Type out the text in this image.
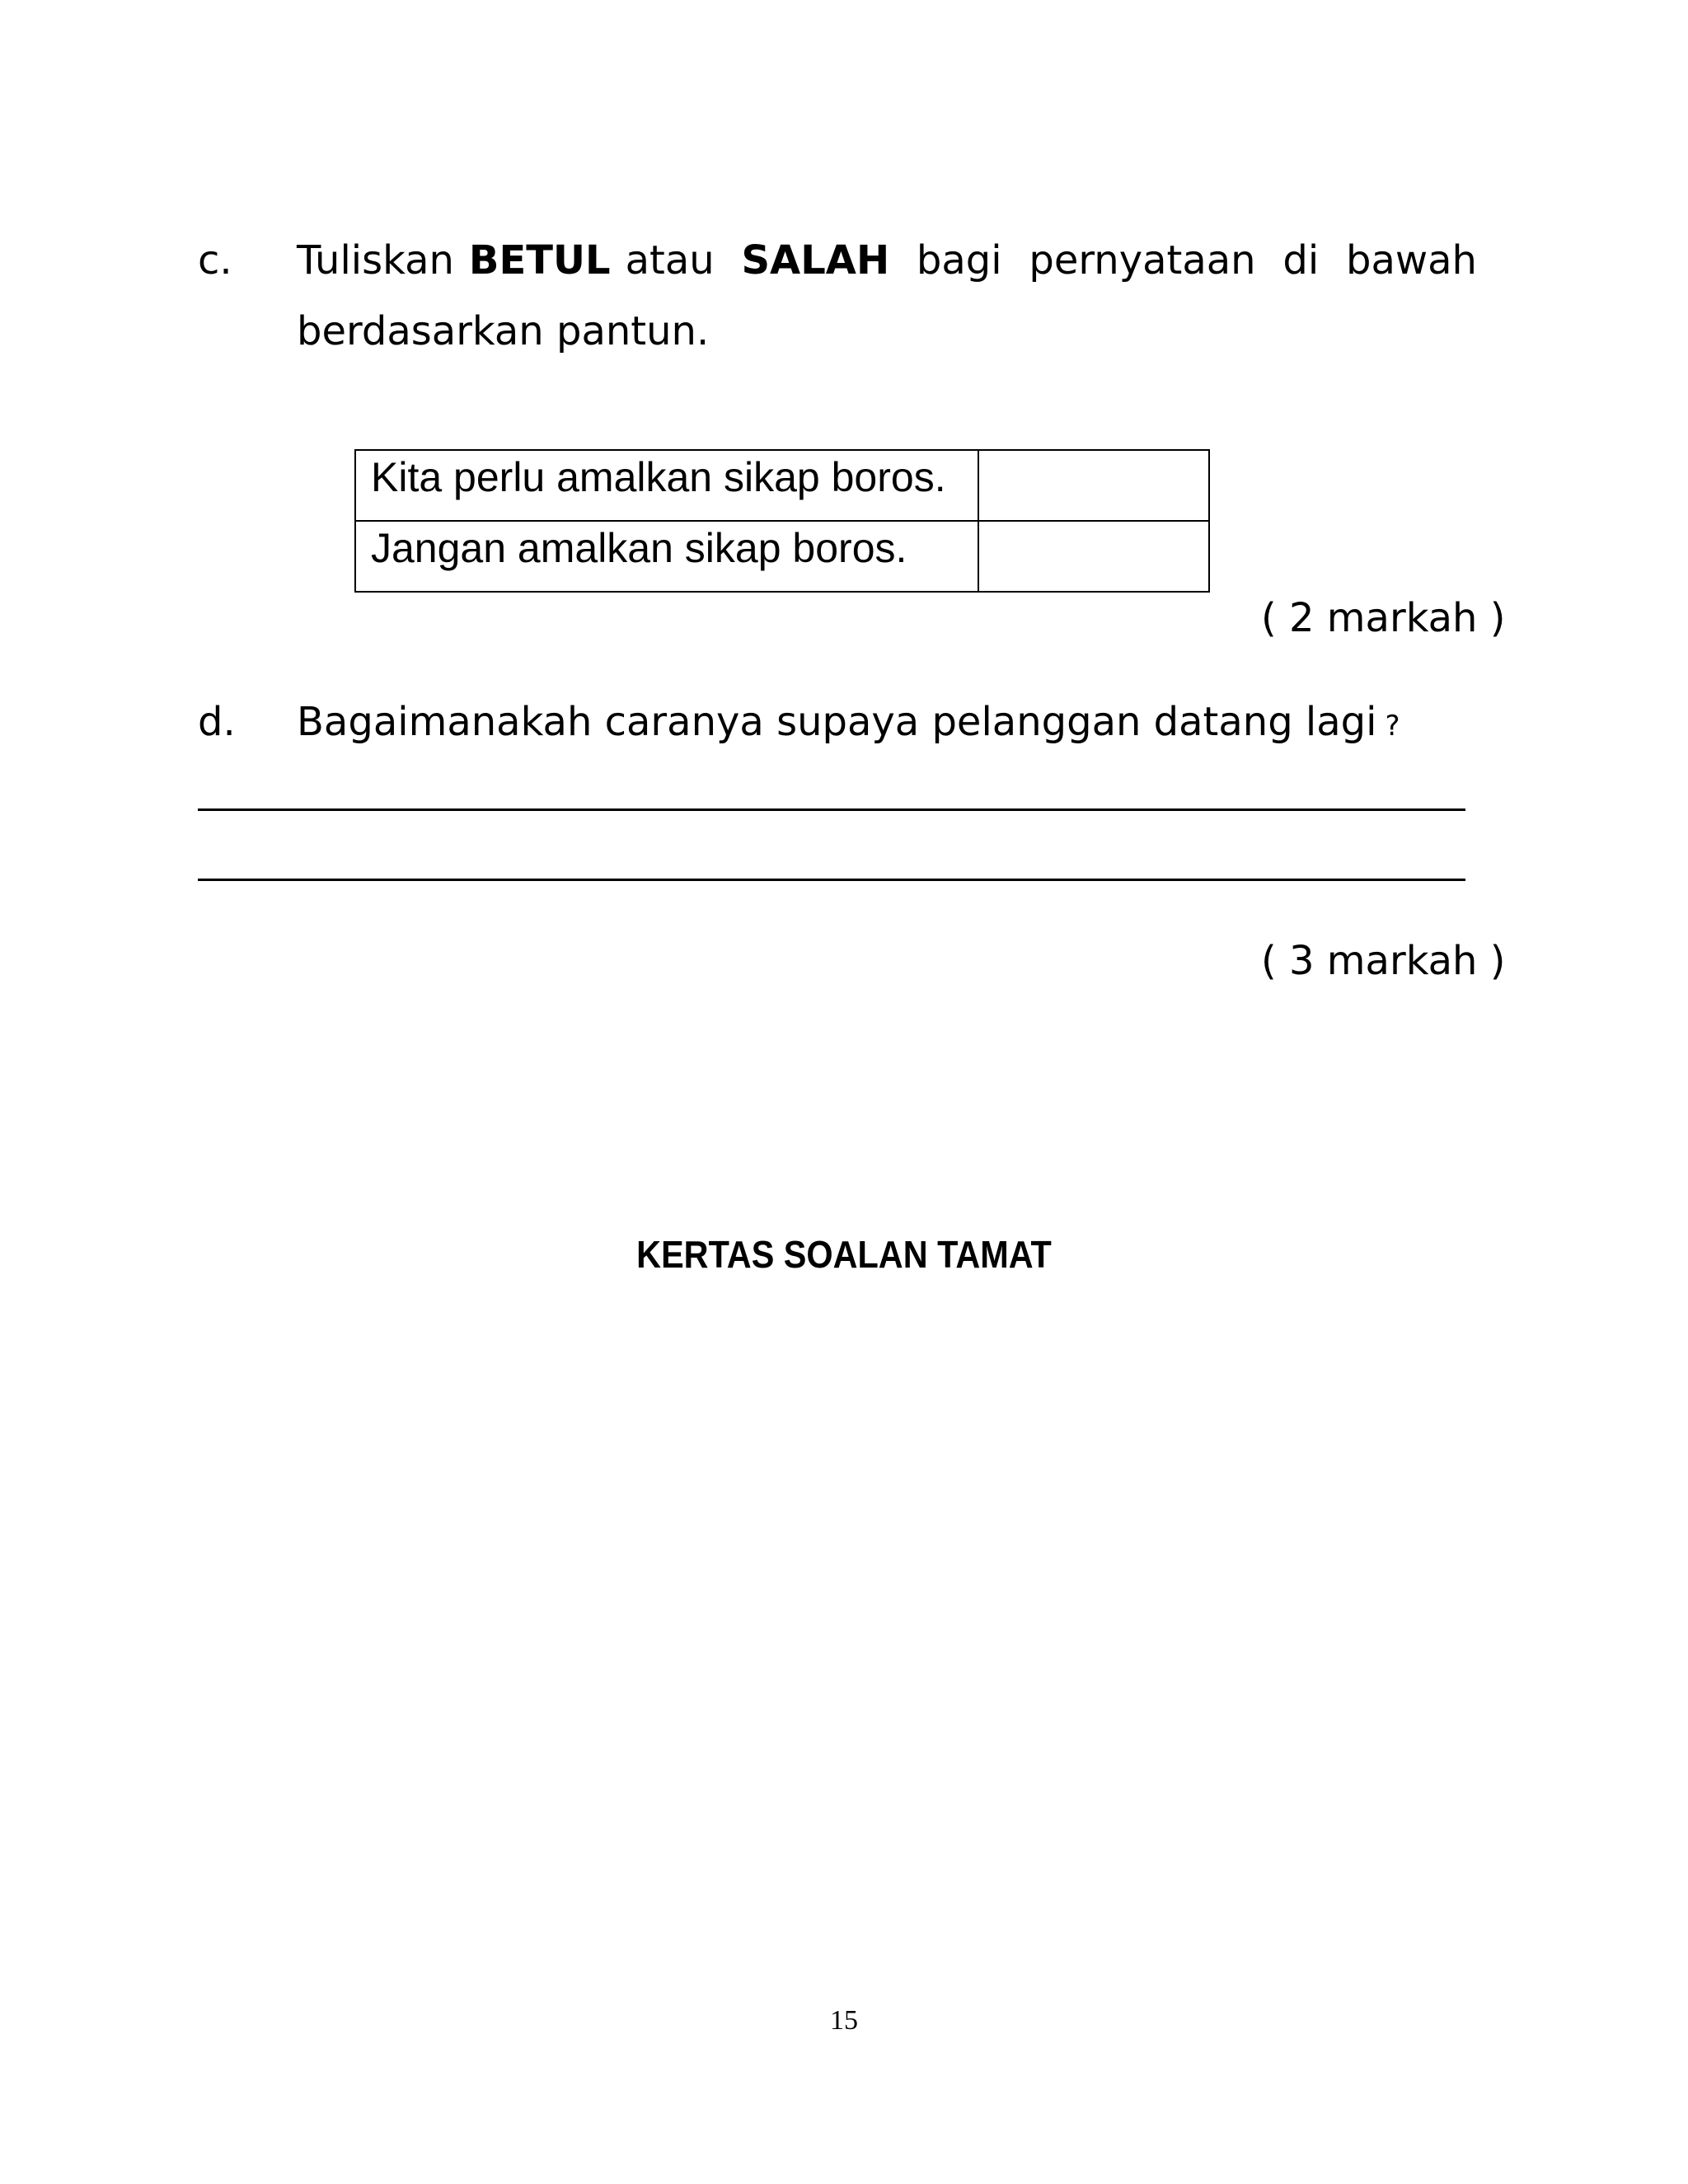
c. Tuliskan BETUL atau SALAH bagi pernyataan di bawah
berdasarkan pantun.
Kita perlu amalkan sikap boros.	
Jangan amalkan sikap boros.	
( 2 markah )
d. Bagaimanakah caranya supaya pelanggan datang lagi ?
( 3 markah )
KERTAS SOALAN TAMAT
15
